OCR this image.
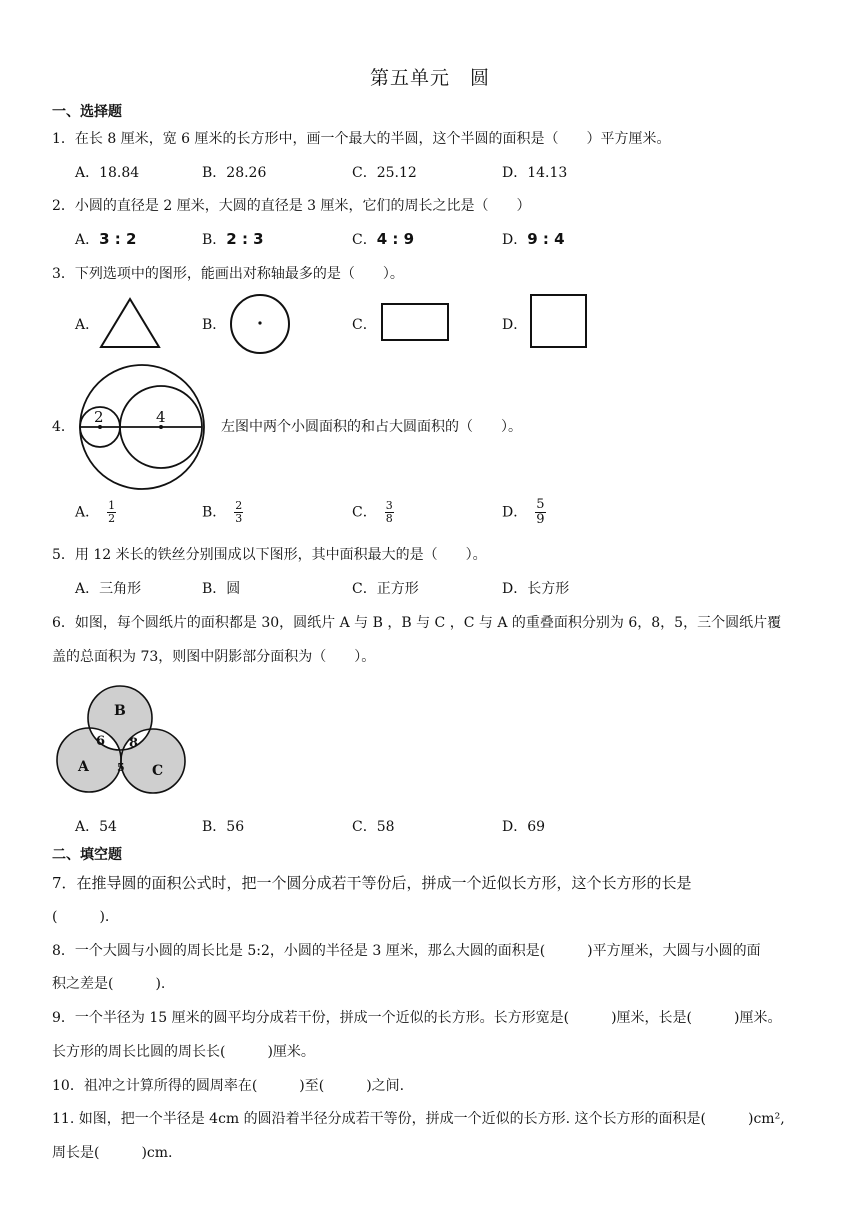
第五单元　圆
一、选择题
1．在长 8 厘米，宽 6 厘米的长方形中，画一个最大的半圆，这个半圆的面积是（　　）平方厘米。
A．18.84	B．28.26	C．25.12	D．14.13
2．小圆的直径是 2 厘米，大圆的直径是 3 厘米，它们的周长之比是（　　）
A．3 : 2	B．2 : 3	C．4 : 9	D．9 : 4
3．下列选项中的图形，能画出对称轴最多的是（　　）。
A．	B．	C．	D．
4．
2	4
左图中两个小圆面积的和占大圆面积的（　　）。
A． $\frac{1}{2}$	B． $\frac{2}{3}$	C． $\frac{3}{8}$	D． $\frac{5}{9}$
5．用 12 米长的铁丝分别围成以下图形，其中面积最大的是（　　）。
A．三角形	B．圆	C．正方形	D．长方形
6．如图，每个圆纸片的面积都是 30，圆纸片 A 与 B ，B 与 C ，C 与 A 的重叠面积分别为 6，8，5，三个圆纸片覆
盖的总面积为 73，则图中阴影部分面积为（　　）。
B
A	C
6 8
5
A．54	B．56	C．58	D．69
二、填空题
7．在推导圆的面积公式时，把一个圆分成若干等份后，拼成一个近似长方形，这个长方形的长是
(　　　).
8．一个大圆与小圆的周长比是 5:2，小圆的半径是 3 厘米，那么大圆的面积是(　　　)平方厘米，大圆与小圆的面
积之差是(　　　).
9．一个半径为 15 厘米的圆平均分成若干份，拼成一个近似的长方形。长方形宽是(　　　)厘米，长是(　　　)厘米。
长方形的周长比圆的周长长(　　　)厘米。
10．祖冲之计算所得的圆周率在(　　　)至(　　　)之间.
11. 如图，把一个半径是 4cm 的圆沿着半径分成若干等份，拼成一个近似的长方形. 这个长方形的面积是(　　　)cm²,
周长是(　　　)cm.
